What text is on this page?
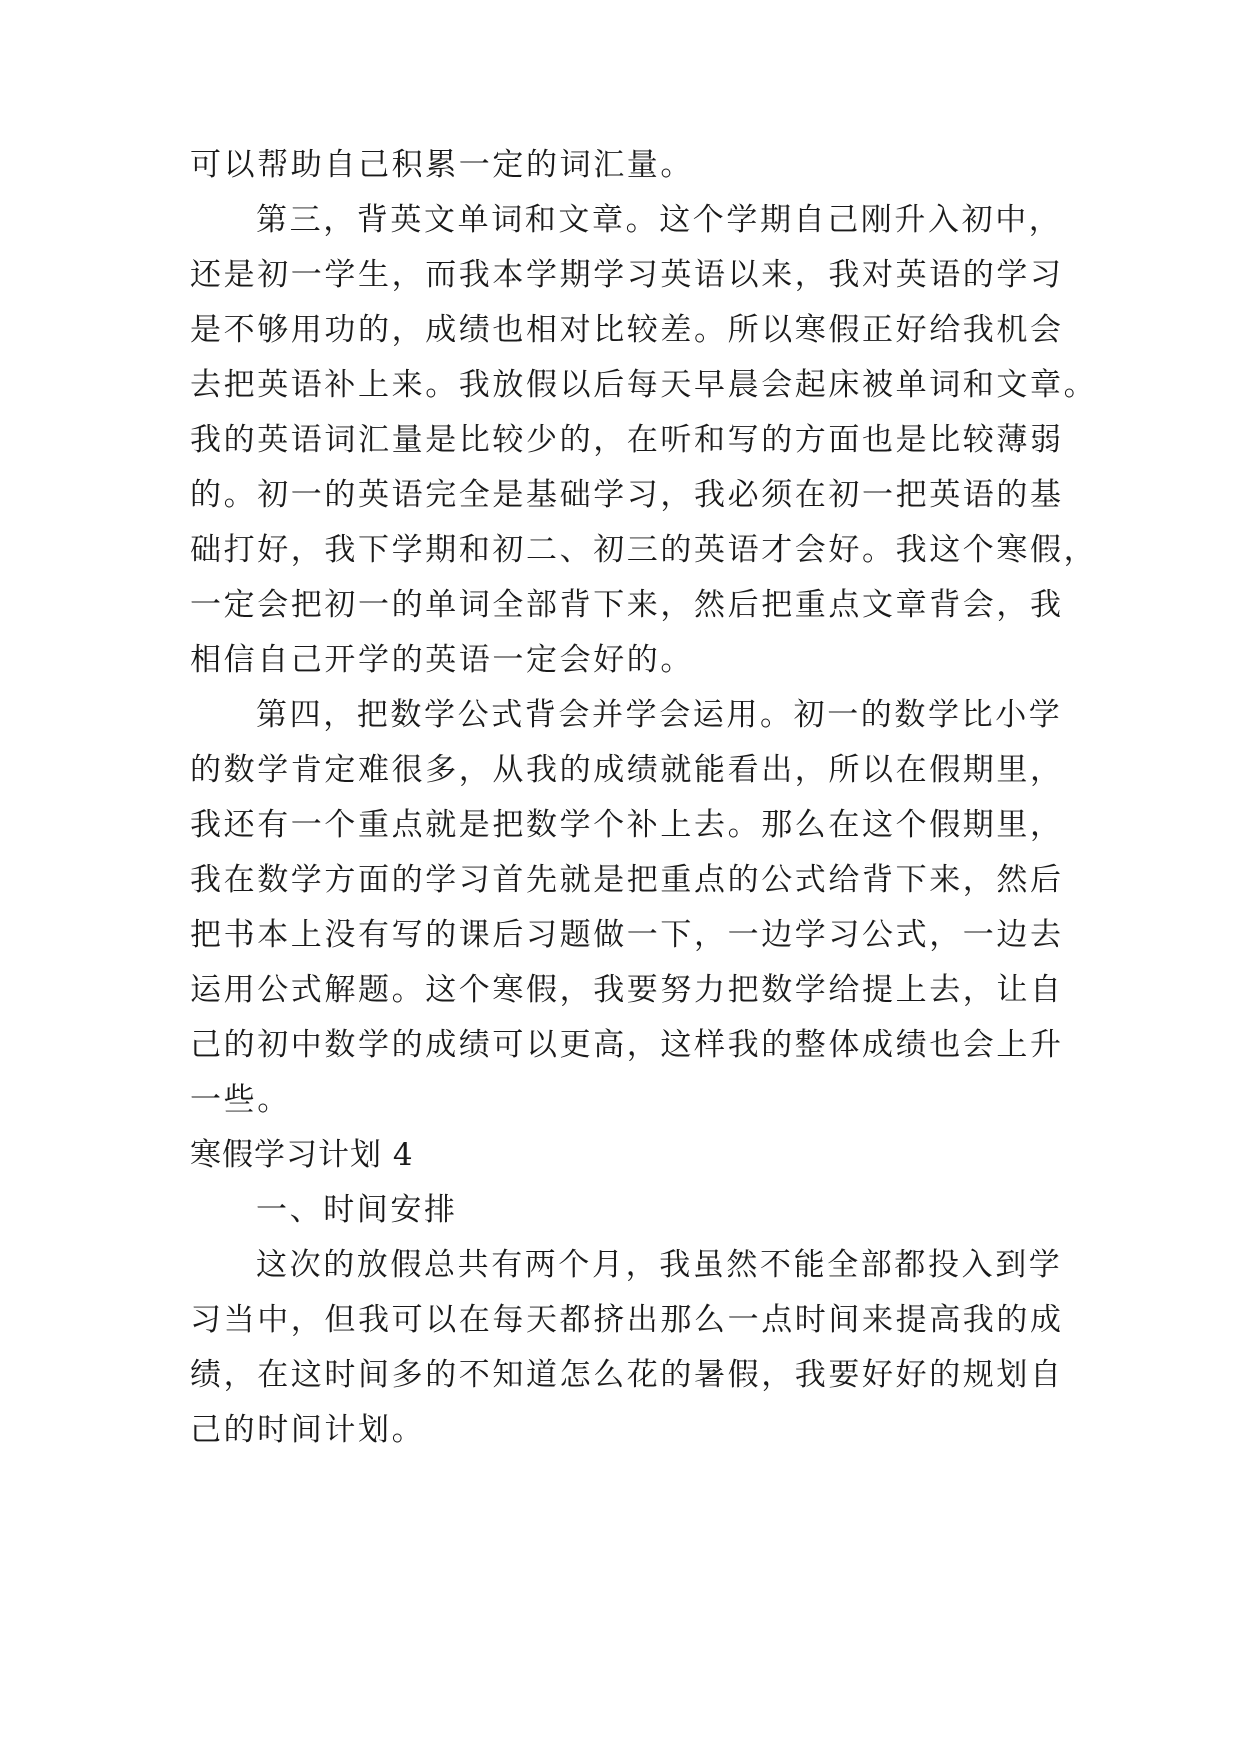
可以帮助自己积累一定的词汇量。
第三，背英文单词和文章。这个学期自己刚升入初中，
还是初一学生，而我本学期学习英语以来，我对英语的学习
是不够用功的，成绩也相对比较差。所以寒假正好给我机会
去把英语补上来。我放假以后每天早晨会起床被单词和文章。
我的英语词汇量是比较少的，在听和写的方面也是比较薄弱
的。初一的英语完全是基础学习，我必须在初一把英语的基
础打好，我下学期和初二、初三的英语才会好。我这个寒假，
一定会把初一的单词全部背下来，然后把重点文章背会，我
相信自己开学的英语一定会好的。
第四，把数学公式背会并学会运用。初一的数学比小学
的数学肯定难很多，从我的成绩就能看出，所以在假期里，
我还有一个重点就是把数学个补上去。那么在这个假期里，
我在数学方面的学习首先就是把重点的公式给背下来，然后
把书本上没有写的课后习题做一下，一边学习公式，一边去
运用公式解题。这个寒假，我要努力把数学给提上去，让自
己的初中数学的成绩可以更高，这样我的整体成绩也会上升
一些。
寒假学习计划 4
一、时间安排
这次的放假总共有两个月，我虽然不能全部都投入到学
习当中，但我可以在每天都挤出那么一点时间来提高我的成
绩，在这时间多的不知道怎么花的暑假，我要好好的规划自
己的时间计划。
